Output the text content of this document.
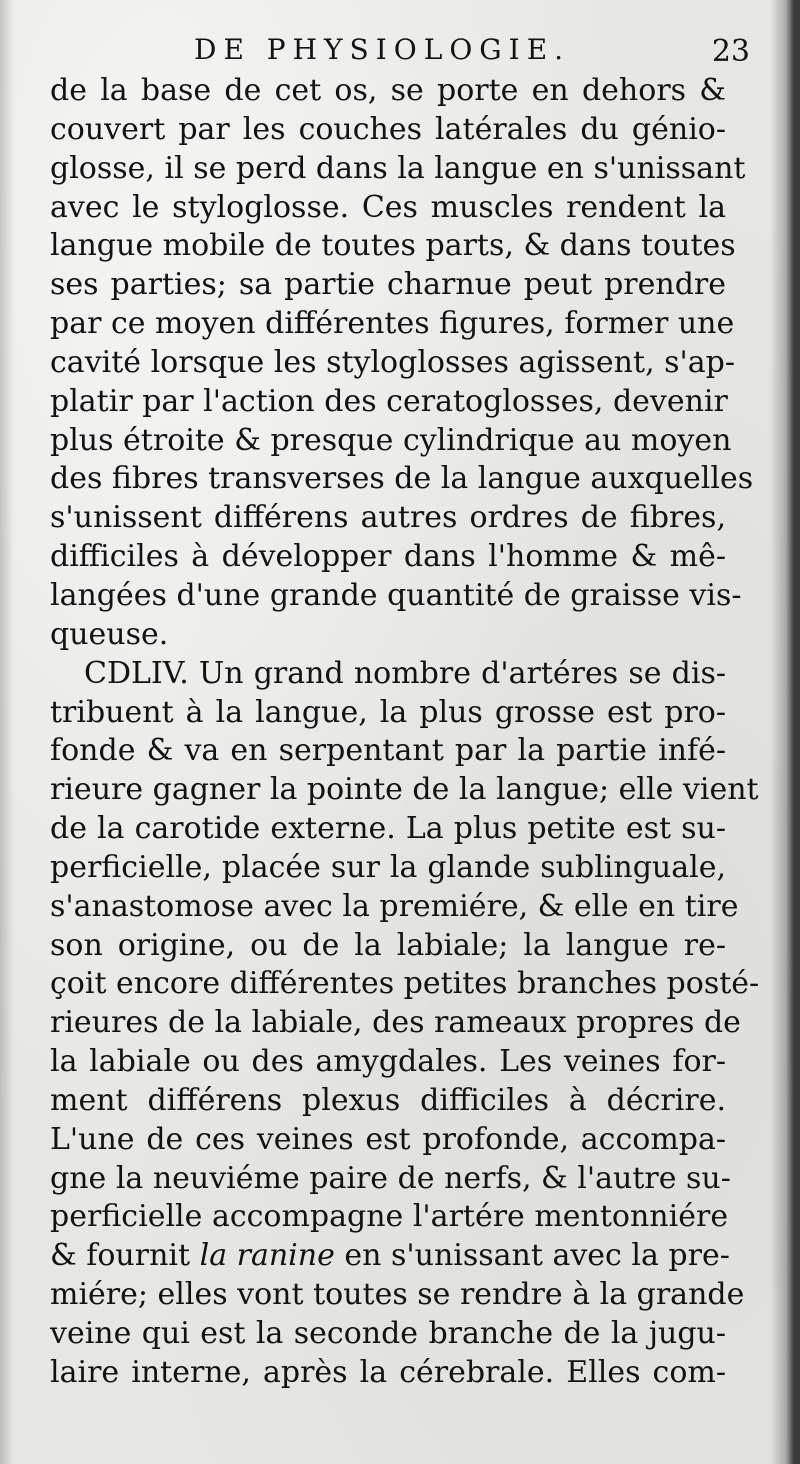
DE PHYSIOLOGIE.	23
de la base de cet os, se porte en dehors &
couvert par les couches latérales du génio-
glosse, il se perd dans la langue en s'unissant
avec le styloglosse. Ces muscles rendent la
langue mobile de toutes parts, & dans toutes
ses parties; sa partie charnue peut prendre
par ce moyen différentes figures, former une
cavité lorsque les styloglosses agissent, s'ap-
platir par l'action des ceratoglosses, devenir
plus étroite & presque cylindrique au moyen
des fibres transverses de la langue auxquelles
s'unissent différens autres ordres de fibres,
difficiles à développer dans l'homme & mê-
langées d'une grande quantité de graisse vis-
queuse.
CDLIV. Un grand nombre d'artéres se dis-
tribuent à la langue, la plus grosse est pro-
fonde & va en serpentant par la partie infé-
rieure gagner la pointe de la langue; elle vient
de la carotide externe. La plus petite est su-
perficielle, placée sur la glande sublinguale,
s'anastomose avec la premiére, & elle en tire
son origine, ou de la labiale; la langue re-
çoit encore différentes petites branches posté-
rieures de la labiale, des rameaux propres de
la labiale ou des amygdales. Les veines for-
ment différens plexus difficiles à décrire.
L'une de ces veines est profonde, accompa-
gne la neuviéme paire de nerfs, & l'autre su-
perficielle accompagne l'artére mentonniére
& fournit la ranine en s'unissant avec la pre-
miére; elles vont toutes se rendre à la grande
veine qui est la seconde branche de la jugu-
laire interne, après la cérebrale. Elles com-
